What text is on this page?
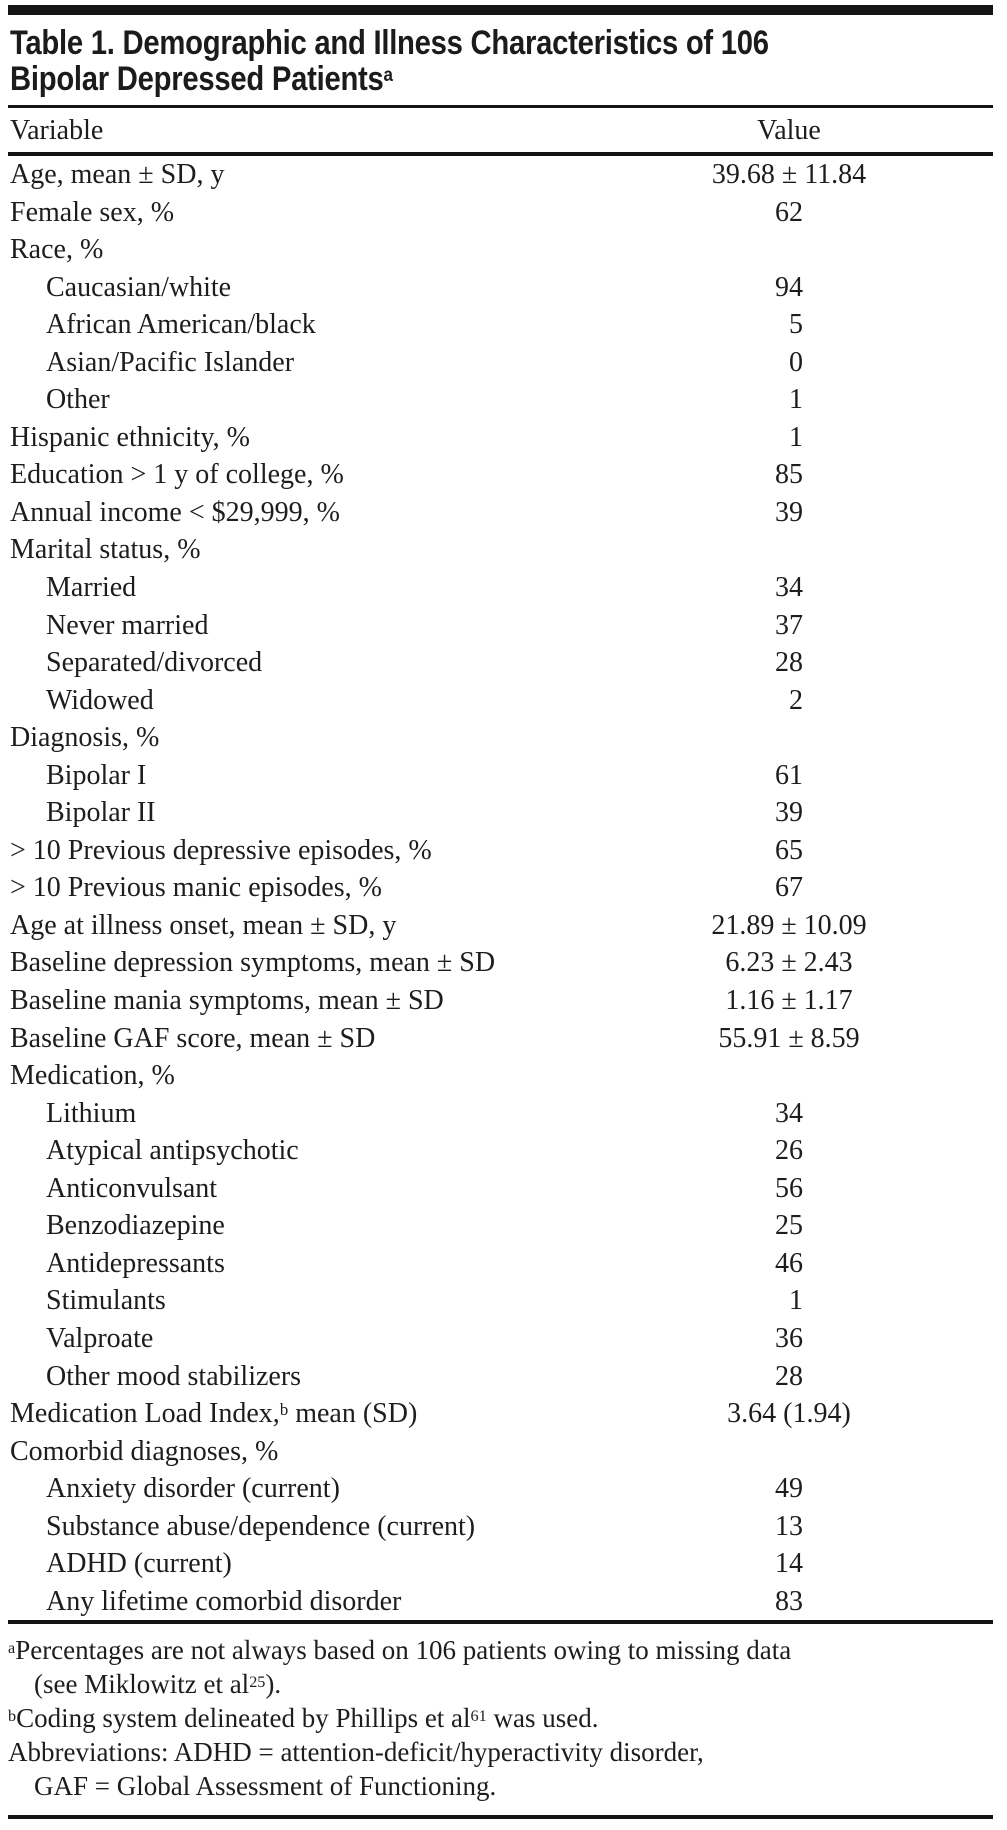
Table 1. Demographic and Illness Characteristics of 106
Bipolar Depressed Patients$^a$
Variable	Value
Age, mean ± SD, y	39.68 ± 11.84
Female sex, %	62
Race, %
Caucasian/white	94
African American/black	5
Asian/Pacific Islander	0
Other	1
Hispanic ethnicity, %	1
Education > 1 y of college, %	85
Annual income < $29,999, %	39
Marital status, %
Married	34
Never married	37
Separated/divorced	28
Widowed	2
Diagnosis, %
Bipolar I	61
Bipolar II	39
> 10 Previous depressive episodes, %	65
> 10 Previous manic episodes, %	67
Age at illness onset, mean ± SD, y	21.89 ± 10.09
Baseline depression symptoms, mean ± SD	6.23 ± 2.43
Baseline mania symptoms, mean ± SD	1.16 ± 1.17
Baseline GAF score, mean ± SD	55.91 ± 8.59
Medication, %
Lithium	34
Atypical antipsychotic	26
Anticonvulsant	56
Benzodiazepine	25
Antidepressants	46
Stimulants	1
Valproate	36
Other mood stabilizers	28
Medication Load Index,$^b$ mean (SD)	3.64 (1.94)
Comorbid diagnoses, %
Anxiety disorder (current)	49
Substance abuse/dependence (current)	13
ADHD (current)	14
Any lifetime comorbid disorder	83
$^a$Percentages are not always based on 106 patients owing to missing data
(see Miklowitz et $al^{25}$).
$^b$Coding system delineated by Phillips et $al^{61}$ was used.
Abbreviations: ADHD = attention-deficit/hyperactivity disorder,
GAF = Global Assessment of Functioning.
